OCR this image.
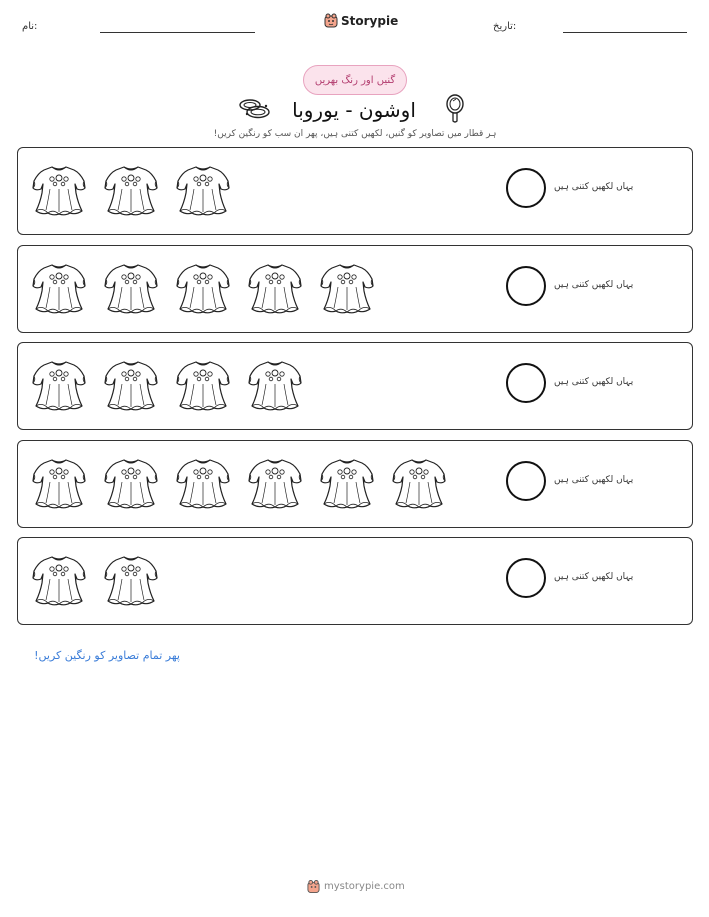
نام:	Storypie	تاریخ:
گنیں اور رنگ بھریں
اوشون - یوروبا
ہر قطار میں تصاویر کو گنیں، لکھیں کتنی ہیں، پھر ان سب کو رنگین کریں!
یہاں لکھیں کتنی ہیں
یہاں لکھیں کتنی ہیں
یہاں لکھیں کتنی ہیں
یہاں لکھیں کتنی ہیں
یہاں لکھیں کتنی ہیں
پھر تمام تصاویر کو رنگین کریں!
mystorypie.com
